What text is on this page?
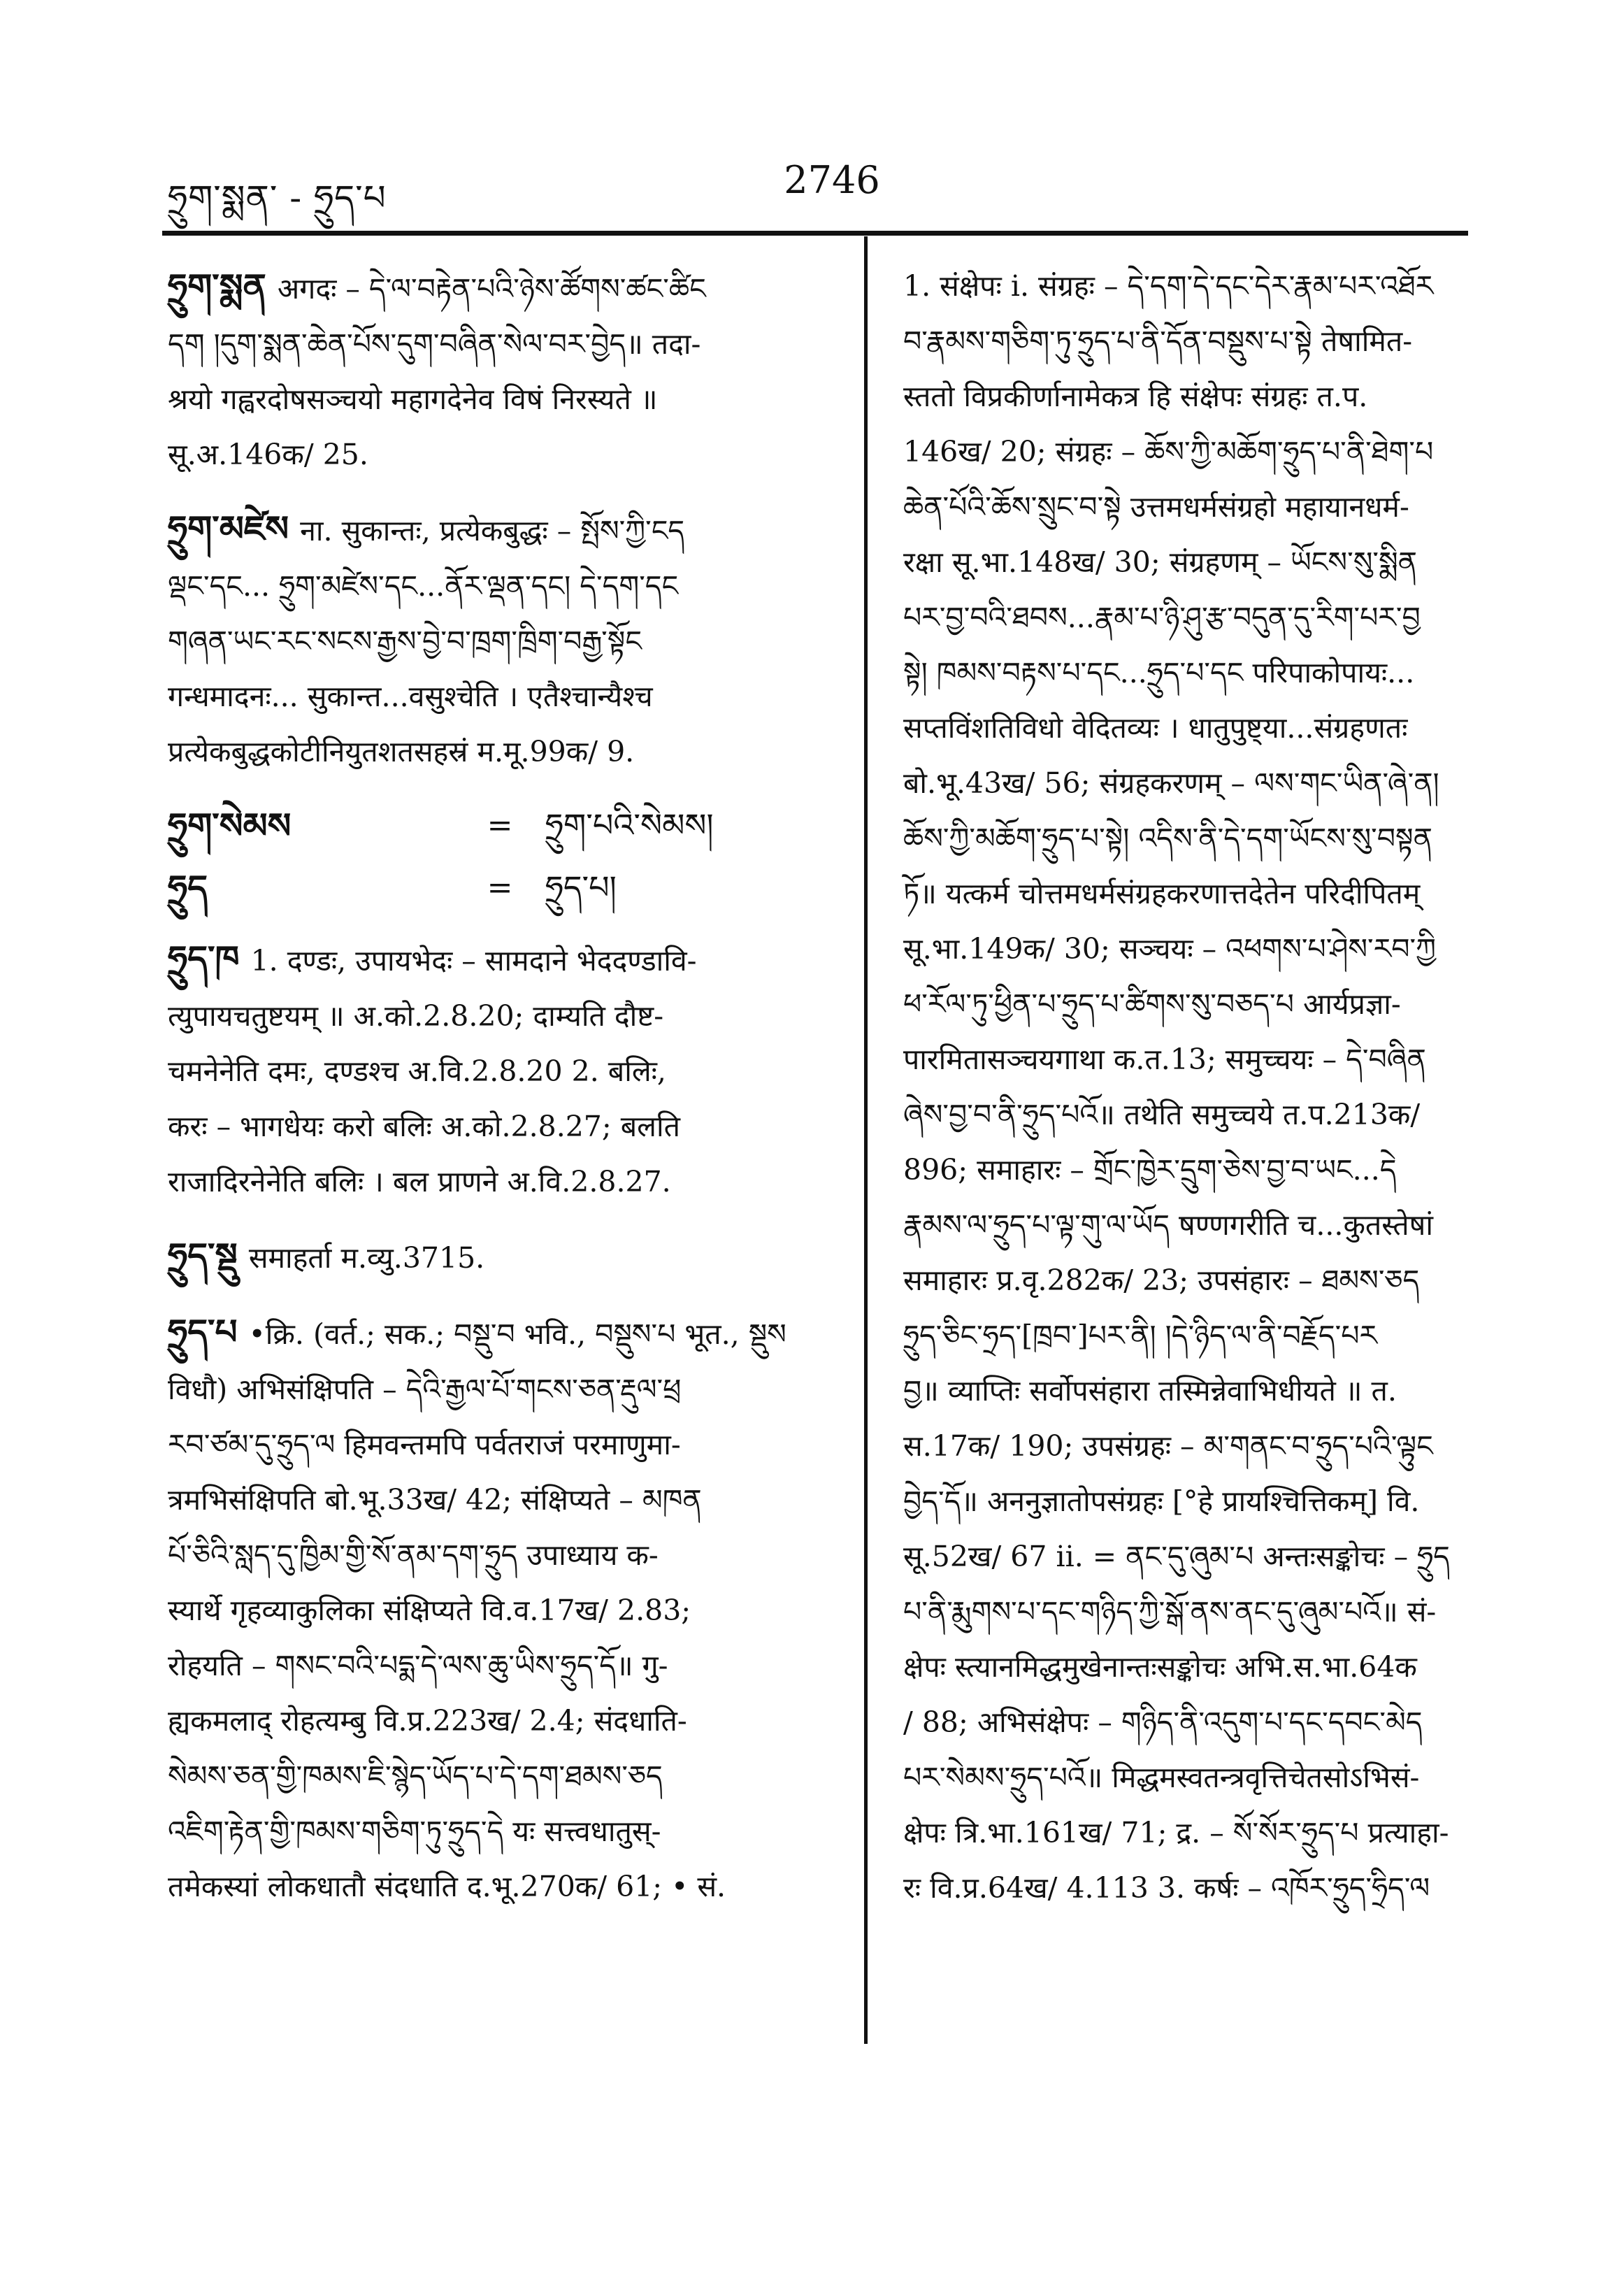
ཧྲུག་སྨན་ - ཧྲུད་པ	2746
ཧྲུག་སྨན अगदः – དེ་ལ་བརྟེན་པའི་ཉེས་ཚོགས་ཚང་ཚིང
དག །དུག་སྨན་ཆེན་པོས་དུག་བཞིན་སེལ་བར་བྱེད॥ तदा-
श्रयो गह्वरदोषसञ्चयो महागदेनेव विषं निरस्यते ॥
सू.अ.146क/ 25.
ཧྲུག་མཛེས ना. सुकान्तः, प्रत्येकबुद्धः – སྤོས་ཀྱི་ངད
ལྡང་དང... ཧྲུག་མཛེས་དང...ནོར་ལྡན་དང། དེ་དག་དང
གཞན་ཡང་རང་སངས་རྒྱས་བྱེ་བ་ཁྲག་ཁྲིག་བརྒྱ་སྟོང
गन्धमादनः... सुकान्त...वसुश्चेति । एतैश्चान्यैश्च
प्रत्येकबुद्धकोटीनियुतशतसहस्रं म.मू.99क/ 9.
ཧྲུག་སེམས	=	ཧྲུག་པའི་སེམས།
ཧྲུད	=	ཧྲུད་པ།
ཧྲུད་ཁ 1. दण्डः, उपायभेदः – सामदाने भेददण्डावि-
त्युपायचतुष्टयम् ॥ अ.को.2.8.20; दाम्यति दौष्ट-
चमनेनेति दमः, दण्डश्च अ.वि.2.8.20 2. बलिः,
करः – भागधेयः करो बलिः अ.को.2.8.27; बलति
राजादिरनेनेति बलिः । बल प्राणने अ.वि.2.8.27.
ཧྲུད་སྡུ समाहर्ता म.व्यु.3715.
ཧྲུད་པ •क्रि. (वर्त.; सक.; བསྡུ་བ भवि., བསྡུས་པ भूत., སྡུས
विधौ) अभिसंक्षिपति – དེའི་རྒྱལ་པོ་གངས་ཅན་རྡུལ་ཕྲ
རབ་ཙམ་དུ་ཧྲུད་ལ हिमवन्तमपि पर्वतराजं परमाणुमा-
त्रमभिसंक्षिपति बो.भू.33ख/ 42; संक्षिप्यते – མཁན
པོ་ཅིའི་སླད་དུ་ཁྱིམ་གྱི་སོ་ནམ་དག་ཧྲུད उपाध्याय क-
स्यार्थे गृहव्याकुलिका संक्षिप्यते वि.व.17ख/ 2.83;
रोहयति – གསང་བའི་པདྨ་དེ་ལས་ཆུ་ཡིས་ཧྲུད་དོ॥ गु-
ह्यकमलाद् रोहत्यम्बु वि.प्र.223ख/ 2.4; संदधाति-
སེམས་ཅན་གྱི་ཁམས་ཇི་སྙེད་ཡོད་པ་དེ་དག་ཐམས་ཅད
འཇིག་རྟེན་གྱི་ཁམས་གཅིག་ཏུ་ཧྲུད་དེ यः सत्त्वधातुस्-
तमेकस्यां लोकधातौ संदधाति द.भू.270क/ 61; • सं.
1. संक्षेपः i. संग्रहः – དེ་དག་དེ་དང་དེར་རྣམ་པར་འཐོར
བ་རྣམས་གཅིག་ཏུ་ཧྲུད་པ་ནི་དོན་བསྡུས་པ་སྟེ तेषामित-
स्ततो विप्रकीर्णानामेकत्र हि संक्षेपः संग्रहः त.प.
146ख/ 20; संग्रहः – ཆོས་ཀྱི་མཆོག་ཧྲུད་པ་ནི་ཐེག་པ
ཆེན་པོའི་ཆོས་སྲུང་བ་སྟེ उत्तमधर्मसंग्रहो महायानधर्म-
रक्षा सू.भा.148ख/ 30; संग्रहणम् – ཡོངས་སུ་སྨིན
པར་བྱ་བའི་ཐབས...རྣམ་པ་ཉི་ཤུ་རྩ་བདུན་དུ་རིག་པར་བྱ
སྟེ། ཁམས་བརྟས་པ་དང...ཧྲུད་པ་དང परिपाकोपायः...
सप्तविंशतिविधो वेदितव्यः । धातुपुष्ट्या...संग्रहणतः
बो.भू.43ख/ 56; संग्रहकरणम् – ལས་གང་ཡིན་ཞེ་ན།
ཆོས་ཀྱི་མཆོག་ཧྲུད་པ་སྟེ། འདིས་ནི་དེ་དག་ཡོངས་སུ་བསྟན
ཏོ॥ यत्कर्म चोत्तमधर्मसंग्रहकरणात्तदेतेन परिदीपितम्
सू.भा.149क/ 30; सञ्चयः – འཕགས་པ་ཤེས་རབ་ཀྱི
ཕ་རོལ་ཏུ་ཕྱིན་པ་ཧྲུད་པ་ཚིགས་སུ་བཅད་པ आर्यप्रज्ञा-
पारमितासञ्चयगाथा क.त.13; समुच्चयः – དེ་བཞིན
ཞེས་བྱ་བ་ནི་ཧྲུད་པའོ॥ तथेति समुच्चये त.प.213क/
896; समाहारः – གྲོང་ཁྱེར་དྲུག་ཅེས་བྱ་བ་ཡང...དེ
རྣམས་ལ་ཧྲུད་པ་ལྟ་གུ་ལ་ཡོད षण्णगरीति च...कुतस्तेषां
समाहारः प्र.वृ.282क/ 23; उपसंहारः – ཐམས་ཅད
ཧྲུད་ཅིང་ཧྲད་[ཁྲབ་]པར་ནི། །དེ་ཉིད་ལ་ནི་བརྗོད་པར
བྱ॥ व्याप्तिः सर्वोपसंहारा तस्मिन्नेवाभिधीयते ॥ त.
स.17क/ 190; उपसंग्रहः – མ་གནང་བ་ཧྲུད་པའི་ལྟུང
བྱེད་དོ॥ अननुज्ञातोपसंग्रहः [°हे प्रायश्चित्तिकम्] वि.
सू.52ख/ 67 ii. = ནང་དུ་ཞུམ་པ अन्तःसङ्कोचः – ཧྲུད
པ་ནི་རྨུགས་པ་དང་གཉིད་ཀྱི་སྒོ་ནས་ནང་དུ་ཞུམ་པའོ॥ सं-
क्षेपः स्त्यानमिद्धमुखेनान्तःसङ्कोचः अभि.स.भा.64क
/ 88; अभिसंक्षेपः – གཉིད་ནི་འདུག་པ་དང་དབང་མེད
པར་སེམས་ཧྲུད་པའོ॥ मिद्धमस्वतन्त्रवृत्तिचेतसोऽभिसं-
क्षेपः त्रि.भा.161ख/ 71; द्र. – སོ་སོར་ཧྲུད་པ प्रत्याहा-
रः वि.प्र.64ख/ 4.113 3. कर्षः – འཁོར་ཧྲུད་ཧྲིད་ལ
